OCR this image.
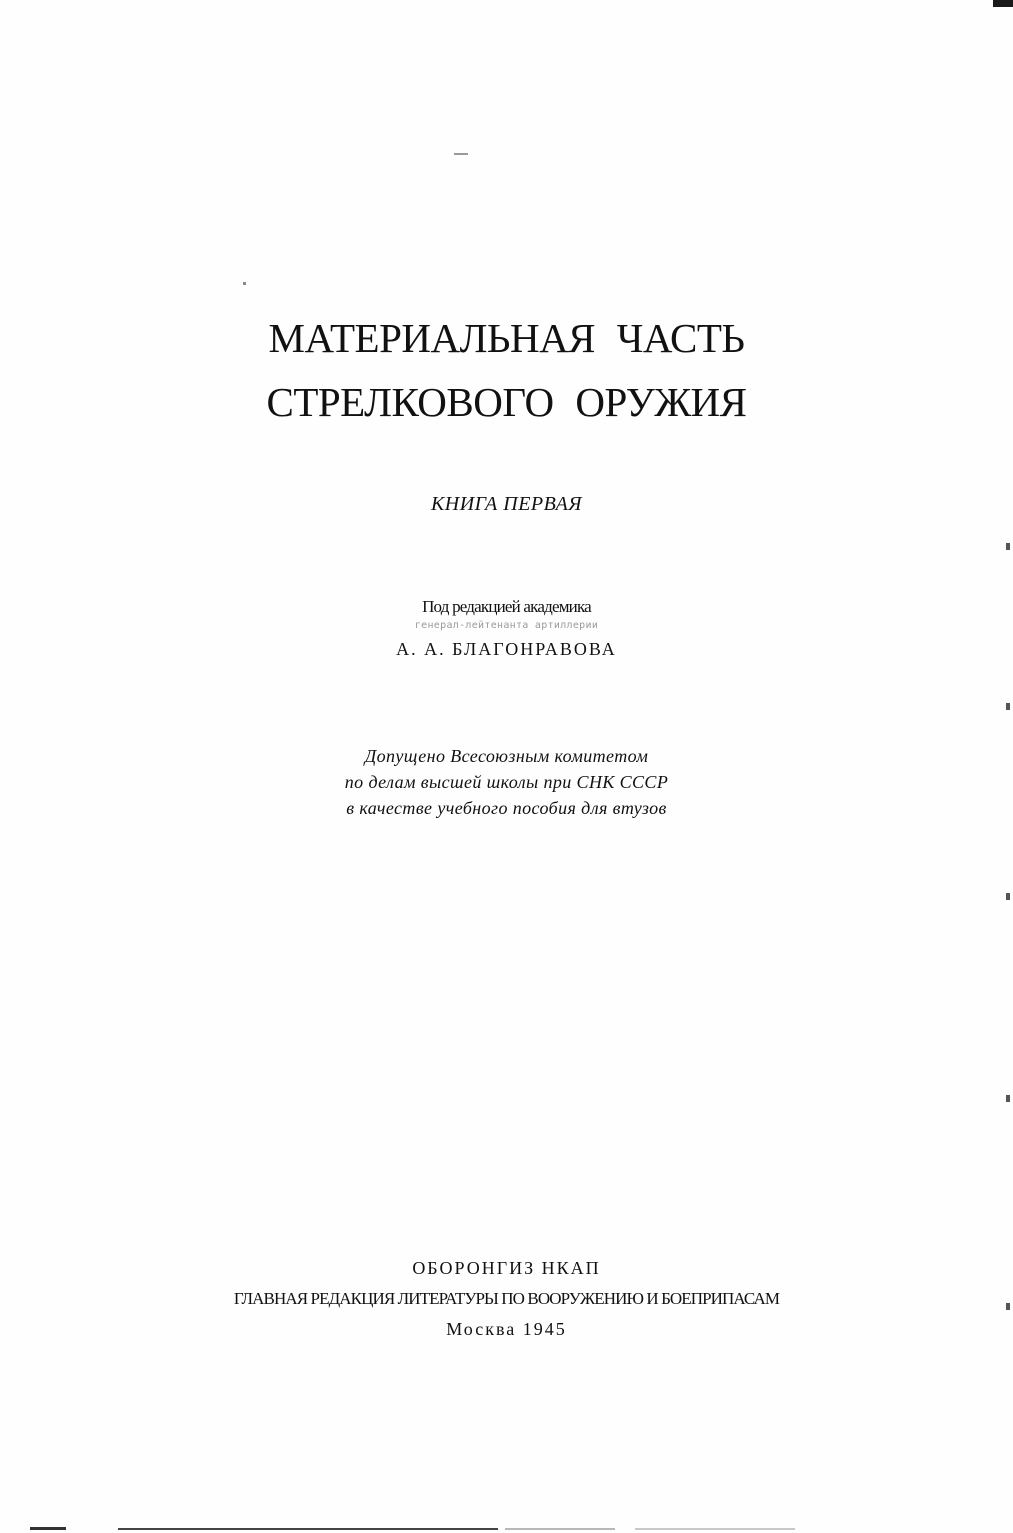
МАТЕРИАЛЬНАЯ ЧАСТЬ
СТРЕЛКОВОГО ОРУЖИЯ
КНИГА ПЕРВАЯ
Под редакцией академика
генерал-лейтенанта артиллерии
А. А. БЛАГОНРАВОВА
Допущено Всесоюзным комитетом
по делам высшей школы при СНК СССР
в качестве учебного пособия для втузов
ОБОРОНГИЗ НКАП
ГЛАВНАЯ РЕДАКЦИЯ ЛИТЕРАТУРЫ ПО ВООРУЖЕНИЮ И БОЕПРИПАСАМ
Москва 1945
